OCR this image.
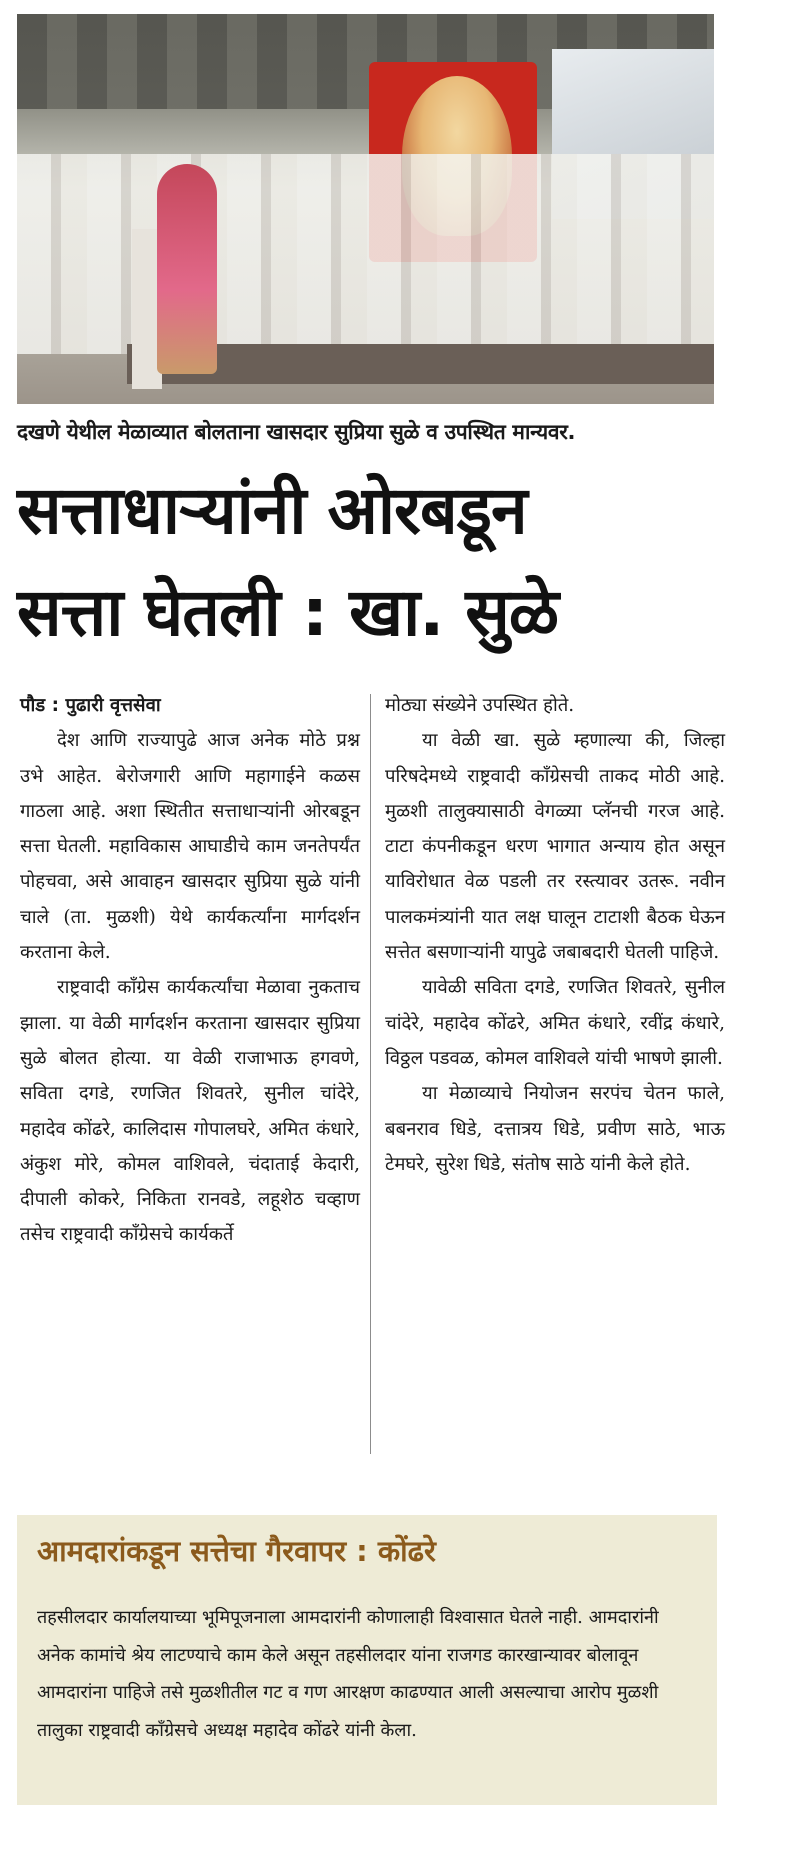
दखणे येथील मेळाव्यात बोलताना खासदार सुप्रिया सुळे व उपस्थित मान्यवर.
सत्ताधाऱ्यांनी ओरबडून
सत्ता घेतली : खा. सुळे

पौड : पुढारी वृत्तसेवा

देश आणि राज्यापुढे आज अनेक मोठे प्रश्न उभे आहेत. बेरोजगारी आणि महागाईने कळस गाठला आहे. अशा स्थितीत सत्ताधाऱ्यांनी ओरबडून सत्ता घेतली. महाविकास आघाडीचे काम जनतेपर्यंत पोहचवा, असे आवाहन खासदार सुप्रिया सुळे यांनी चाले (ता. मुळशी) येथे कार्यकर्त्यांना मार्गदर्शन करताना केले.

राष्ट्रवादी काँग्रेस कार्यकर्त्यांचा मेळावा नुकताच झाला. या वेळी मार्गदर्शन करताना खासदार सुप्रिया सुळे बोलत होत्या. या वेळी राजाभाऊ हगवणे, सविता दगडे, रणजित शिवतरे, सुनील चांदेरे, महादेव कोंढरे, कालिदास गोपालघरे, अमित कंधारे, अंकुश मोरे, कोमल वाशिवले, चंदाताई केदारी, दीपाली कोकरे, निकिता रानवडे, लहूशेठ चव्हाण तसेच राष्ट्रवादी काँग्रेसचे कार्यकर्ते

मोठ्या संख्येने उपस्थित होते.

या वेळी खा. सुळे म्हणाल्या की, जिल्हा परिषदेमध्ये राष्ट्रवादी काँग्रेसची ताकद मोठी आहे. मुळशी तालुक्यासाठी वेगळ्या प्लॅनची गरज आहे. टाटा कंपनीकडून धरण भागात अन्याय होत असून याविरोधात वेळ पडली तर रस्त्यावर उतरू. नवीन पालकमंत्र्यांनी यात लक्ष घालून टाटाशी बैठक घेऊन सत्तेत बसणाऱ्यांनी यापुढे जबाबदारी घेतली पाहिजे.

यावेळी सविता दगडे, रणजित शिवतरे, सुनील चांदेरे, महादेव कोंढरे, अमित कंधारे, रवींद्र कंधारे, विठ्ठल पडवळ, कोमल वाशिवले यांची भाषणे झाली.

या मेळाव्याचे नियोजन सरपंच चेतन फाले, बबनराव धिडे, दत्तात्रय धिडे, प्रवीण साठे, भाऊ टेमघरे, सुरेश धिडे, संतोष साठे यांनी केले होते.

आमदारांकडून सत्तेचा गैरवापर : कोंढरे
तहसीलदार कार्यालयाच्या भूमिपूजनाला आमदारांनी कोणालाही विश्वासात घेतले नाही. आमदारांनी अनेक कामांचे श्रेय लाटण्याचे काम केले असून तहसीलदार यांना राजगड कारखान्यावर बोलावून आमदारांना पाहिजे तसे मुळशीतील गट व गण आरक्षण काढण्यात आली असल्याचा आरोप मुळशी तालुका राष्ट्रवादी काँग्रेसचे अध्यक्ष महादेव कोंढरे यांनी केला.
